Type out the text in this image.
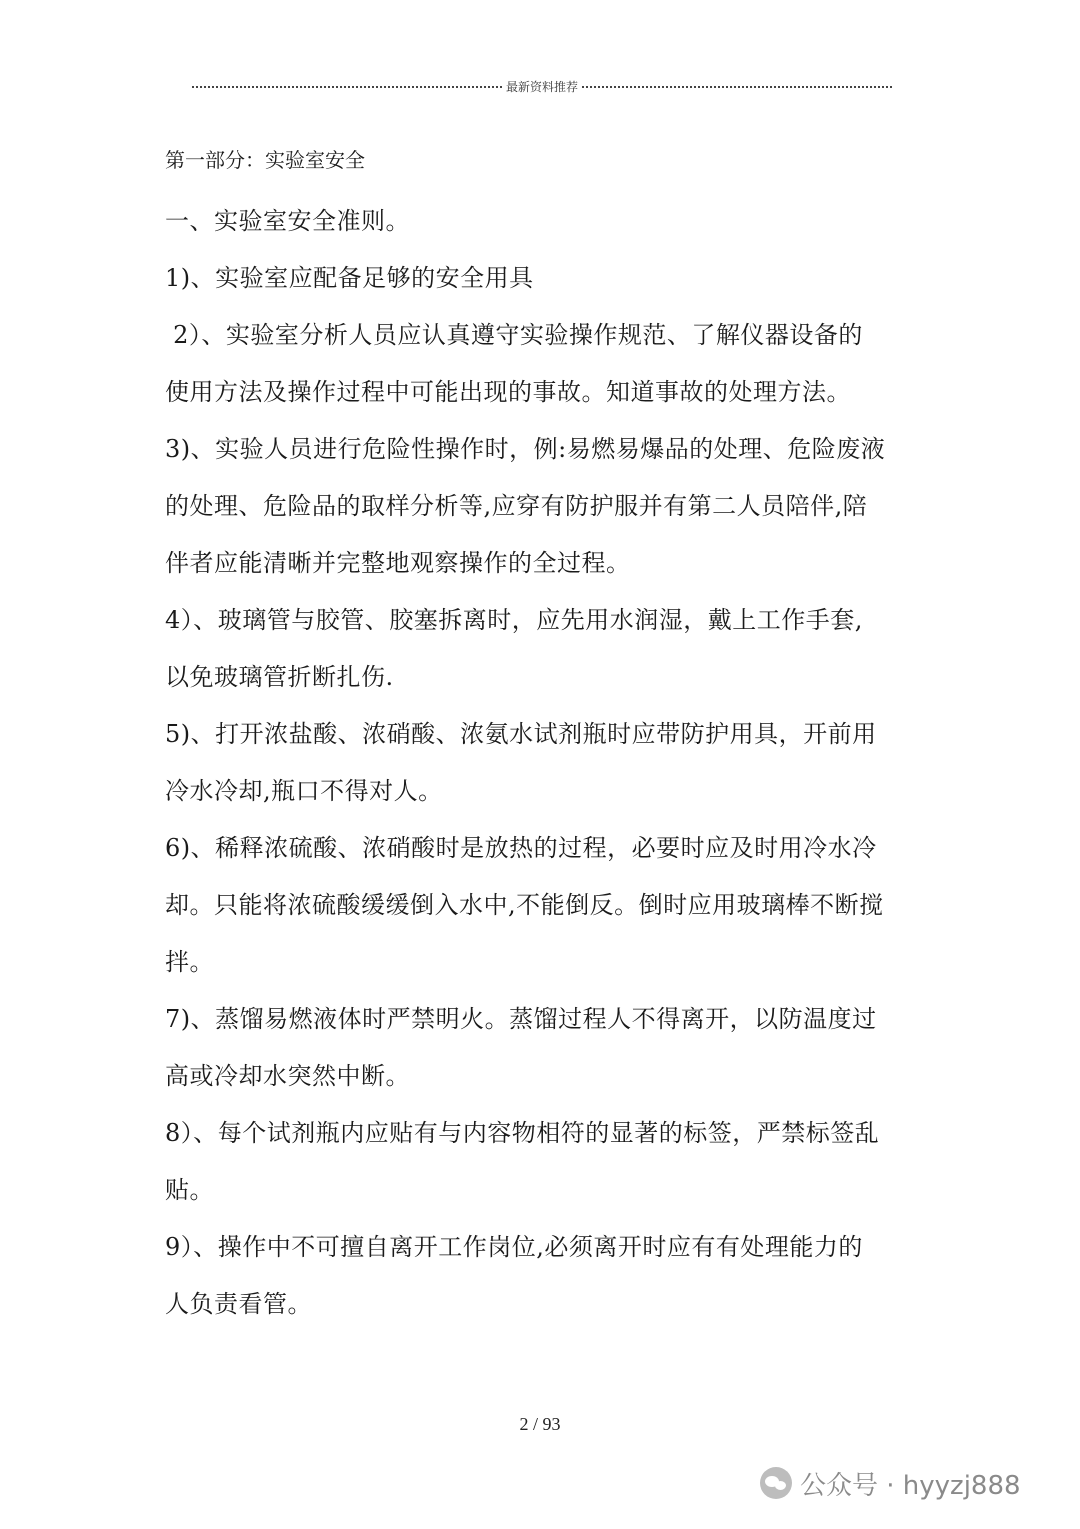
最新资料推荐
第一部分：实验室安全

一、实验室安全准则。

1)、实验室应配备足够的安全用具

2）、实验室分析人员应认真遵守实验操作规范、了解仪器设备的
使用方法及操作过程中可能出现的事故。知道事故的处理方法。

3)、实验人员进行危险性操作时，例:易燃易爆品的处理、危险废液
的处理、危险品的取样分析等,应穿有防护服并有第二人员陪伴,陪
伴者应能清晰并完整地观察操作的全过程。

4）、玻璃管与胶管、胶塞拆离时，应先用水润湿，戴上工作手套,
以免玻璃管折断扎伤.

5)、打开浓盐酸、浓硝酸、浓氨水试剂瓶时应带防护用具，开前用
冷水冷却,瓶口不得对人。

6)、稀释浓硫酸、浓硝酸时是放热的过程，必要时应及时用冷水冷
却。只能将浓硫酸缓缓倒入水中,不能倒反。倒时应用玻璃棒不断搅
拌。

7)、蒸馏易燃液体时严禁明火。蒸馏过程人不得离开，以防温度过
高或冷却水突然中断。

8）、每个试剂瓶内应贴有与内容物相符的显著的标签，严禁标签乱
贴。

9）、操作中不可擅自离开工作岗位,必须离开时应有有处理能力的
人负责看管。

2 / 93
公众号 · hyyzj888
